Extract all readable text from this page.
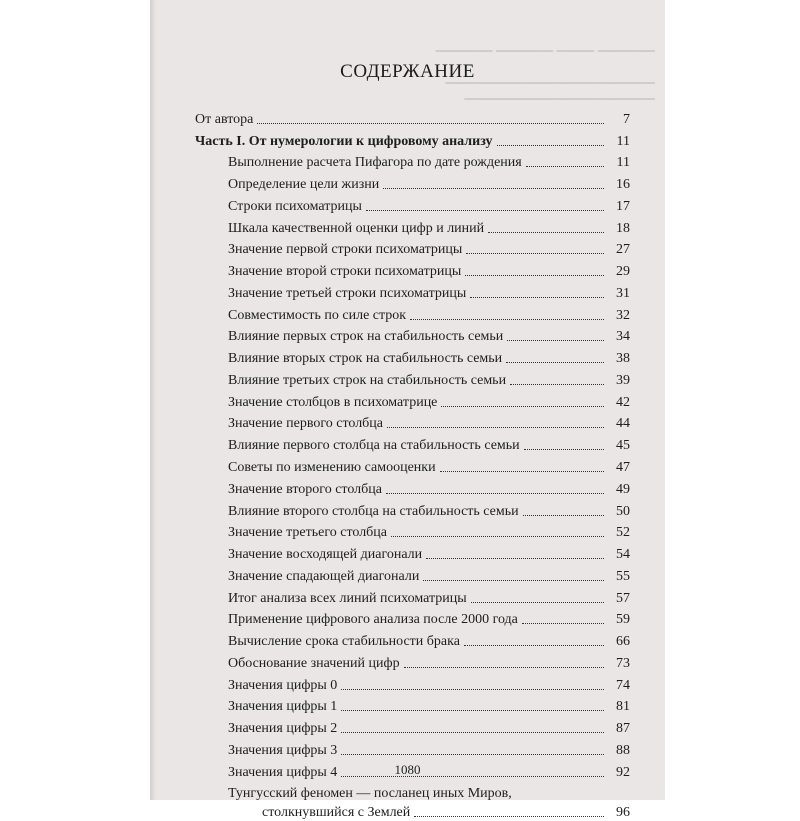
▁▁▁▁▁▁ ▁▁▁▁▁▁ ▁▁▁▁ ▁▁▁▁▁▁
▁▁▁▁▁▁▁▁▁▁▁▁▁▁▁▁▁▁▁▁▁▁
▁▁▁▁▁▁▁▁▁▁▁▁▁▁▁▁▁▁▁▁
СОДЕРЖАНИЕ
От автора	7
Часть I. От нумерологии к цифровому анализу	11
Выполнение расчета Пифагора по дате рождения	11
Определение цели жизни	16
Строки психоматрицы	17
Шкала качественной оценки цифр и линий	18
Значение первой строки психоматрицы	27
Значение второй строки психоматрицы	29
Значение третьей строки психоматрицы	31
Совместимость по силе строк	32
Влияние первых строк на стабильность семьи	34
Влияние вторых строк на стабильность семьи	38
Влияние третьих строк на стабильность семьи	39
Значение столбцов в психоматрице	42
Значение первого столбца	44
Влияние первого столбца на стабильность семьи	45
Советы по изменению самооценки	47
Значение второго столбца	49
Влияние второго столбца на стабильность семьи	50
Значение третьего столбца	52
Значение восходящей диагонали	54
Значение спадающей диагонали	55
Итог анализа всех линий психоматрицы	57
Применение цифрового анализа после 2000 года	59
Вычисление срока стабильности брака	66
Обоснование значений цифр	73
Значения цифры 0	74
Значения цифры 1	81
Значения цифры 2	87
Значения цифры 3	88
Значения цифры 4	92
Тунгусский феномен — посланец иных Миров,
столкнувшийся с Землей	96
1080
